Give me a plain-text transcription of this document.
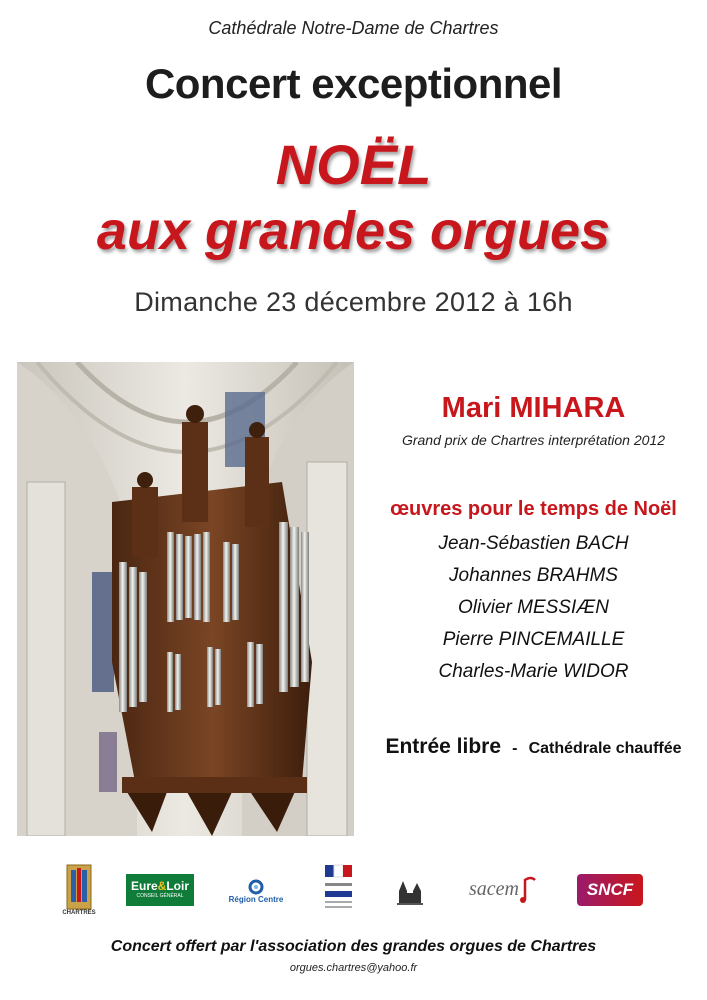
Cathédrale Notre-Dame de Chartres
Concert exceptionnel
NOËL
aux grandes orgues
Dimanche 23 décembre 2012 à 16h
Mari MIHARA
Grand prix de Chartres interprétation 2012
œuvres pour le temps de Noël
Jean-Sébastien BACH
Johannes BRAHMS
Olivier MESSIÆN
Pierre PINCEMAILLE
Charles-Marie WIDOR
Entrée libre - Cathédrale chauffée
CHARTRES
Eure&Loir
CONSEIL GÉNÉRAL	Région Centre	sacem	SNCF
Concert offert par l'association des grandes orgues de Chartres
orgues.chartres@yahoo.fr
